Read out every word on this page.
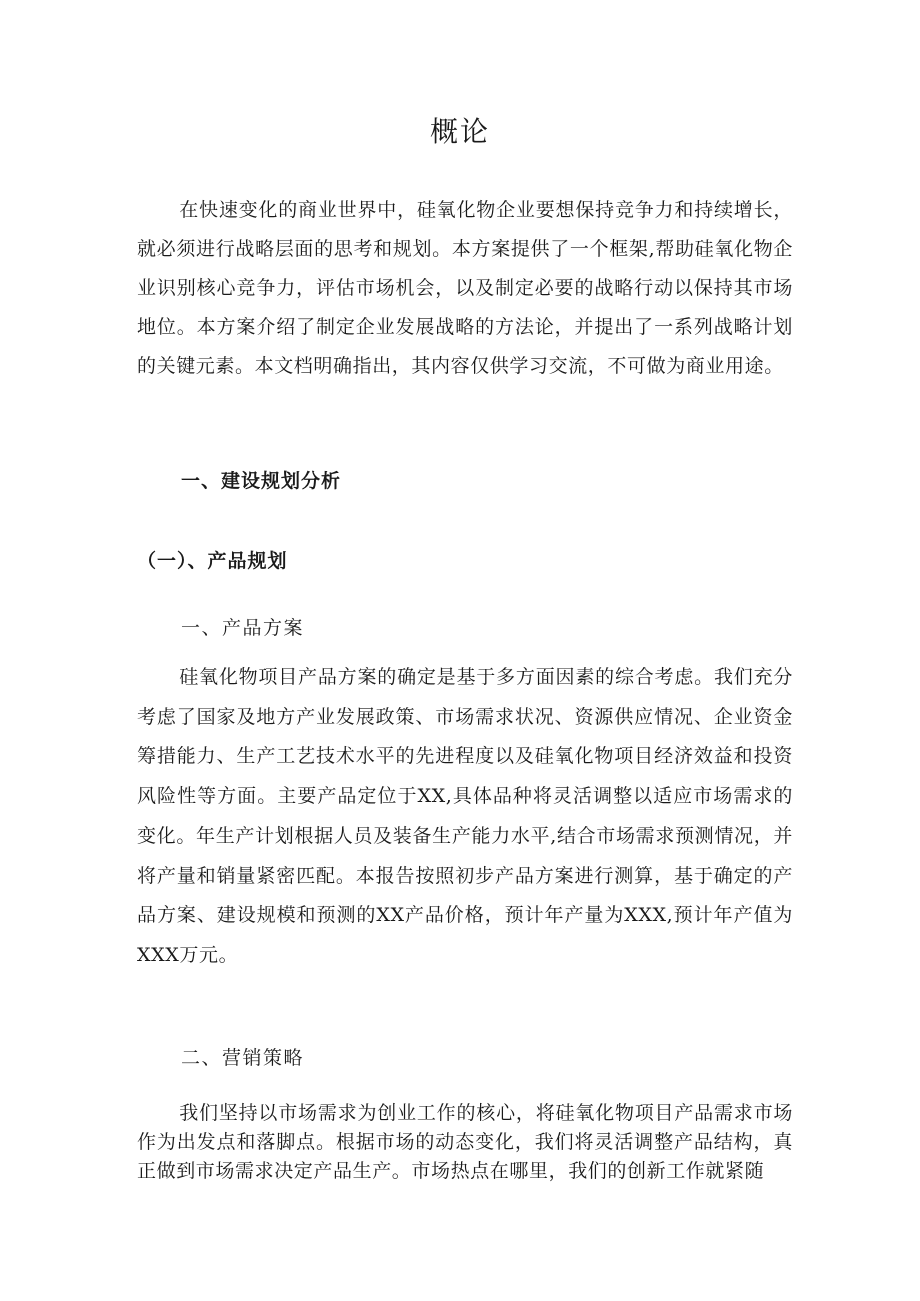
概论
在快速变化的商业世界中，硅氧化物企业要想保持竞争力和持续增长，就必须进行战略层面的思考和规划。本方案提供了一个框架,帮助硅氧化物企业识别核心竞争力，评估市场机会，以及制定必要的战略行动以保持其市场地位。本方案介绍了制定企业发展战略的方法论，并提出了一系列战略计划的关键元素。本文档明确指出，其内容仅供学习交流，不可做为商业用途。
一、建设规划分析
（一）、产品规划
一、产品方案
硅氧化物项目产品方案的确定是基于多方面因素的综合考虑。我们充分考虑了国家及地方产业发展政策、市场需求状况、资源供应情况、企业资金筹措能力、生产工艺技术水平的先进程度以及硅氧化物项目经济效益和投资风险性等方面。主要产品定位于XX,具体品种将灵活调整以适应市场需求的变化。年生产计划根据人员及装备生产能力水平,结合市场需求预测情况，并将产量和销量紧密匹配。本报告按照初步产品方案进行测算，基于确定的产品方案、建设规模和预测的XX产品价格，预计年产量为XXX,预计年产值为XXX万元。
二、营销策略
我们坚持以市场需求为创业工作的核心，将硅氧化物项目产品需求市场作为出发点和落脚点。根据市场的动态变化，我们将灵活调整产品结构，真正做到市场需求决定产品生产。市场热点在哪里，我们的创新工作就紧随
